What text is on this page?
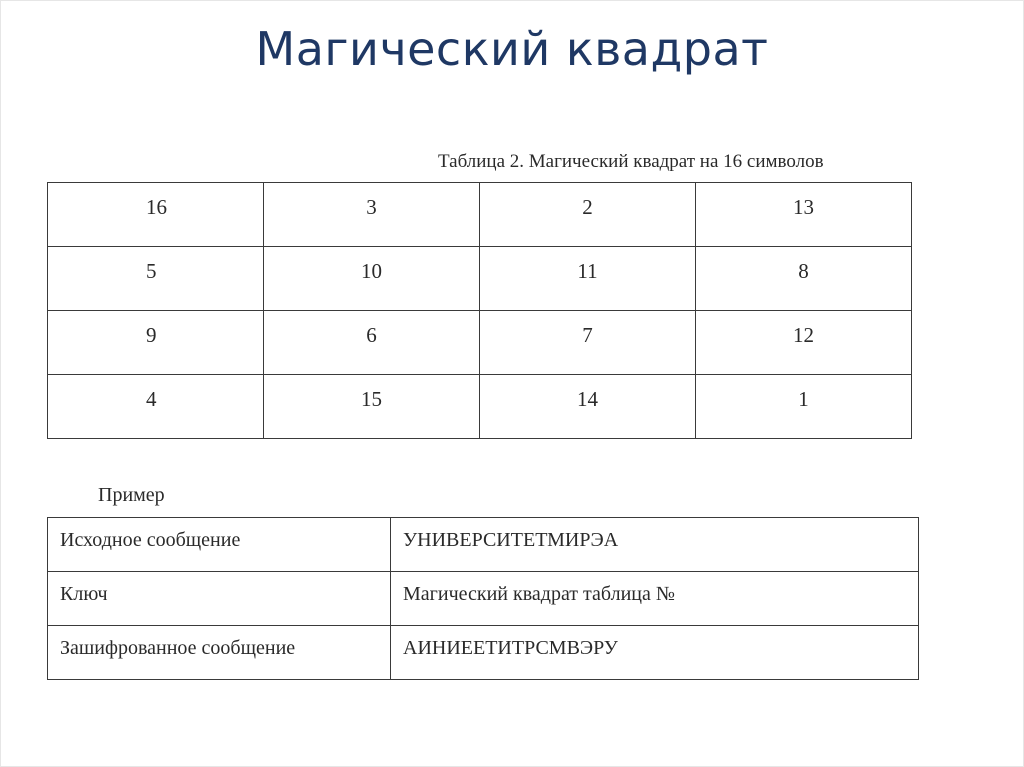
Магический квадрат
Таблица 2. Магический квадрат на 16 символов
16	3	2	13
5	10	11	8
9	6	7	12
4	15	14	1
Пример
Исходное сообщение	УНИВЕРСИТЕТМИРЭА
Ключ	Магический квадрат таблица №
Зашифрованное сообщение	АИНИЕЕТИТРСМВЭРУ
